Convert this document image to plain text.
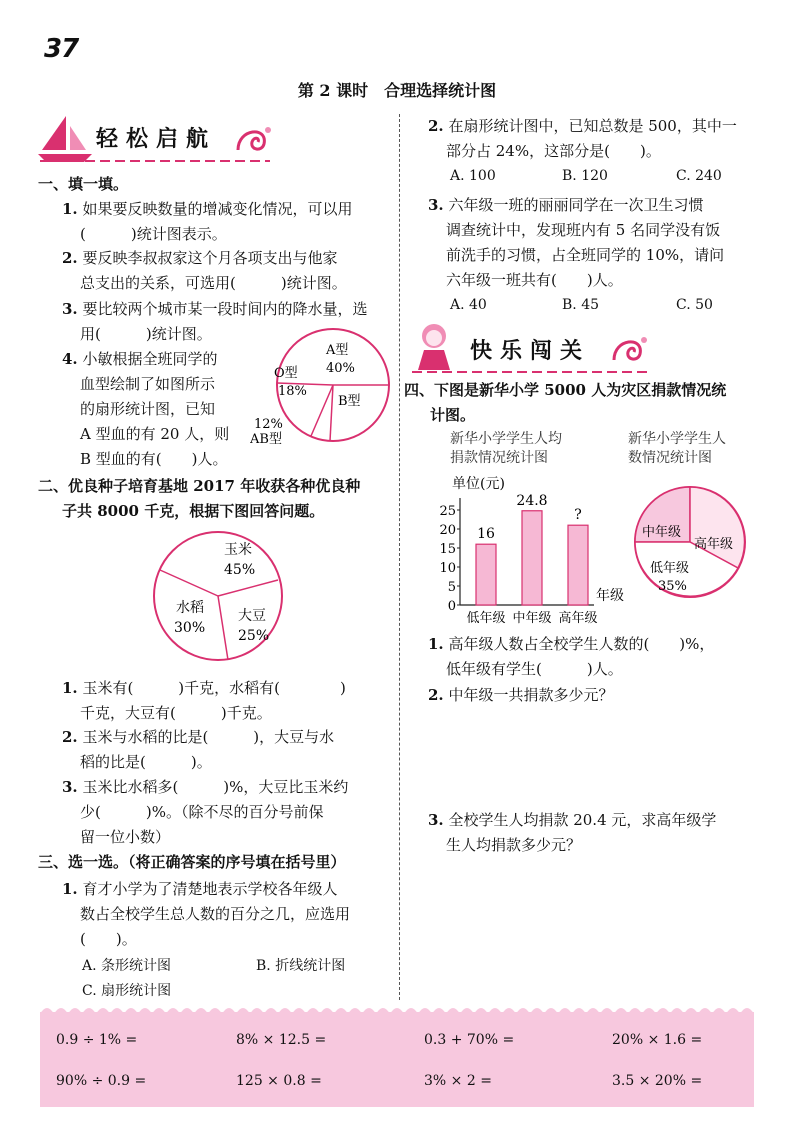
37
第 2 课时　合理选择统计图
轻松启航
一、填一填。
1. 如果要反映数量的增减变化情况，可以用
(　　　)统计图表示。
2. 要反映李叔叔家这个月各项支出与他家
总支出的关系，可选用(　　　)统计图。
3. 要比较两个城市某一段时间内的降水量，选
用(　　　)统计图。
4. 小敏根据全班同学的
血型绘制了如图所示
的扇形统计图，已知
A 型血的有 20 人，则
B 型血的有(　　)人。
A型
40%
O型
18%
B型
12%
AB型
二、优良种子培育基地 2017 年收获各种优良种
子共 8000 千克，根据下图回答问题。
玉米
45%
水稻
30%
大豆
25%
1. 玉米有(　　　)千克，水稻有(　　　　)
千克，大豆有(　　　)千克。
2. 玉米与水稻的比是(　　　)，大豆与水
稻的比是(　　　)。
3. 玉米比水稻多(　　　)%，大豆比玉米约
少(　　　)%。（除不尽的百分号前保
留一位小数）
三、选一选。（将正确答案的序号填在括号里）
1. 育才小学为了清楚地表示学校各年级人
数占全校学生总人数的百分之几，应选用
(　　)。
A. 条形统计图	B. 折线统计图
C. 扇形统计图
2. 在扇形统计图中，已知总数是 500，其中一
部分占 24%，这部分是(　　)。
A. 100	B. 120	C. 240
3. 六年级一班的丽丽同学在一次卫生习惯
调查统计中，发现班内有 5 名同学没有饭
前洗手的习惯，占全班同学的 10%，请问
六年级一班共有(　　)人。
A. 40	B. 45	C. 50
快乐闯关
四、下图是新华小学 5000 人为灾区捐款情况统
计图。
新华小学学生人均
捐款情况统计图
新华小学学生人
数情况统计图
单位(元)
年级
0
5
10
15
20
25
16
低年级
24.8
中年级
?
高年级
中年级
高年级
低年级
35%
1. 高年级人数占全校学生人数的(　　)%，
低年级有学生(　　　)人。
2. 中年级一共捐款多少元？
3. 全校学生人均捐款 20.4 元，求高年级学
生人均捐款多少元？
0.9 ÷ 1% =	8% × 12.5 =	0.3 + 70% =	20% × 1.6 =
90% ÷ 0.9 =	125 × 0.8 =	3% × 2 =	3.5 × 20% =
